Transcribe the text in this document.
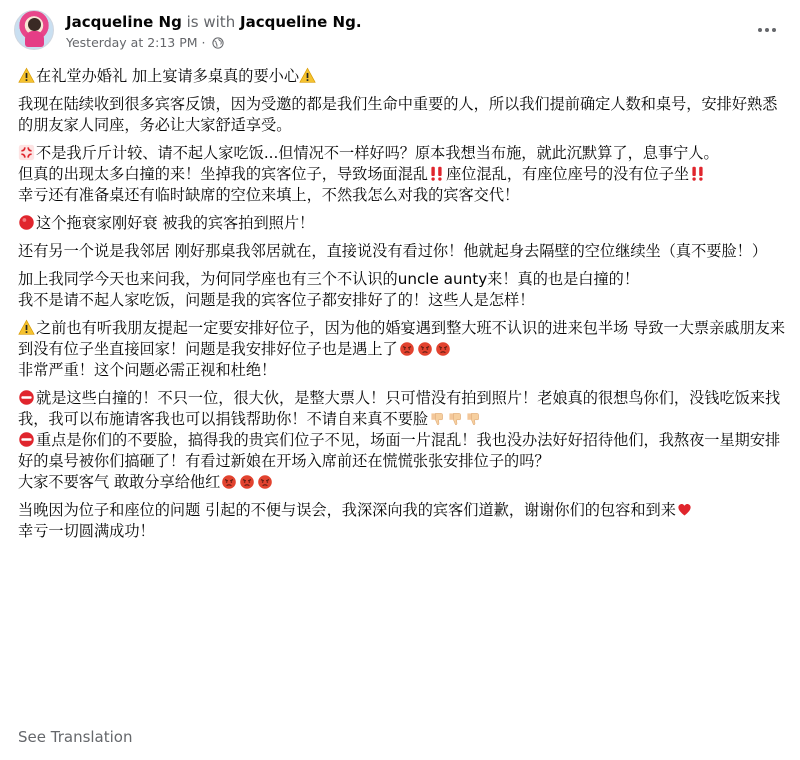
Jacqueline Ng is with Jacqueline Ng.
Yesterday at 2:13 PM ·

在礼堂办婚礼 加上宴请多桌真的要小心

我现在陆续收到很多宾客反馈，因为受邀的都是我们生命中重要的人，所以我们提前确定人数和桌号，安排好熟悉的朋友家人同座，务必让大家舒适享受。

不是我斤斤计较、请不起人家吃饭...但情况不一样好吗？原本我想当布施，就此沉默算了，息事宁人。

但真的出现太多白撞的来！坐掉我的宾客位子，导致场面混乱 座位混乱，有座位座号的没有位子坐

幸亏还有准备桌还有临时缺席的空位来填上，不然我怎么对我的宾客交代！

这个拖衰家刚好衰 被我的宾客拍到照片！

还有另一个说是我邻居 刚好那桌我邻居就在，直接说没有看过你！他就起身去隔壁的空位继续坐（真不要脸！）

加上我同学今天也来问我，为何同学座也有三个不认识的uncle aunty来！真的也是白撞的！

我不是请不起人家吃饭，问题是我的宾客位子都安排好了的！这些人是怎样！

之前也有听我朋友提起一定要安排好位子，因为他的婚宴遇到整大班不认识的进来包半场 导致一大票亲戚朋友来到没有位子坐直接回家！问题是我安排好位子也是遇上了

非常严重！这个问题必需正视和杜绝！

就是这些白撞的！不只一位，很大伙，是整大票人！只可惜没有拍到照片！老娘真的很想鸟你们，没钱吃饭来找我，我可以布施请客我也可以捐钱帮助你！不请自来真不要脸

重点是你们的不要脸，搞得我的贵宾们位子不见，场面一片混乱！我也没办法好好招待他们，我熬夜一星期安排好的桌号被你们搞砸了！有看过新娘在开场入席前还在慌慌张张安排位子的吗？

大家不要客气 敢敢分享给他红

当晚因为位子和座位的问题 引起的不便与误会，我深深向我的宾客们道歉，谢谢你们的包容和到来

幸亏一切圆满成功！

See Translation
